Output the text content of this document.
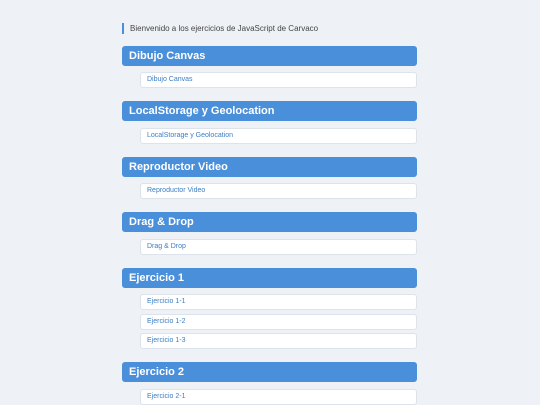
Bienvenido a los ejercicios de JavaScript de Carvaco
Dibujo Canvas
Dibujo Canvas
LocalStorage y Geolocation
LocalStorage y Geolocation
Reproductor Video
Reproductor Video
Drag & Drop
Drag & Drop
Ejercicio 1
Ejercicio 1-1
Ejercicio 1-2
Ejercicio 1-3
Ejercicio 2
Ejercicio 2-1
